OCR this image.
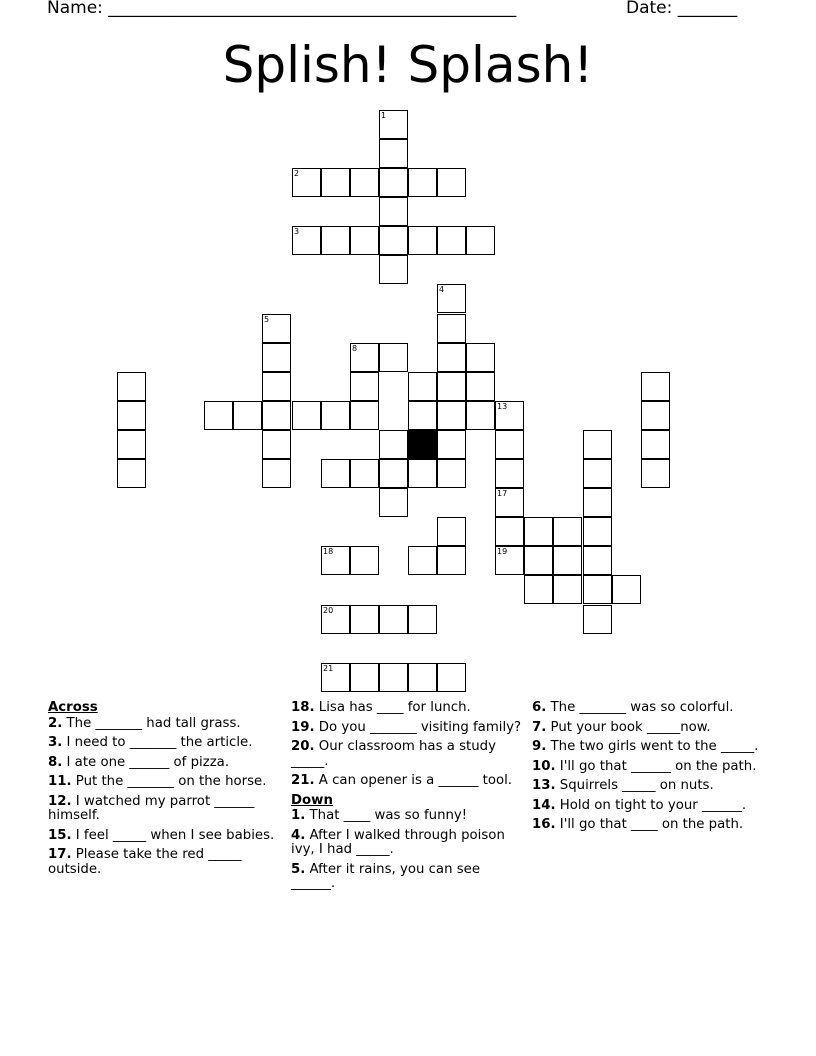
Name: ________________________________________________	Date: _______
Splish! Splash!
1
2
3
4
5
8
13
17
19
18
20
21
Across
2. The _______ had tall grass.
3. I need to _______ the article.
8. I ate one ______ of pizza.
11. Put the _______ on the horse.
12. I watched my parrot ______ himself.
15. I feel _____ when I see babies.
17. Please take the red _____ outside.
18. Lisa has ____ for lunch.
19. Do you _______ visiting family?
20. Our classroom has a study _____.
21. A can opener is a ______ tool.
Down
1. That ____ was so funny!
4. After I walked through poison ivy, I had _____.
5. After it rains, you can see ______.
6. The _______ was so colorful.
7. Put your book _____now.
9. The two girls went to the _____.
10. I'll go that ______ on the path.
13. Squirrels _____ on nuts.
14. Hold on tight to your ______.
16. I'll go that ____ on the path.
